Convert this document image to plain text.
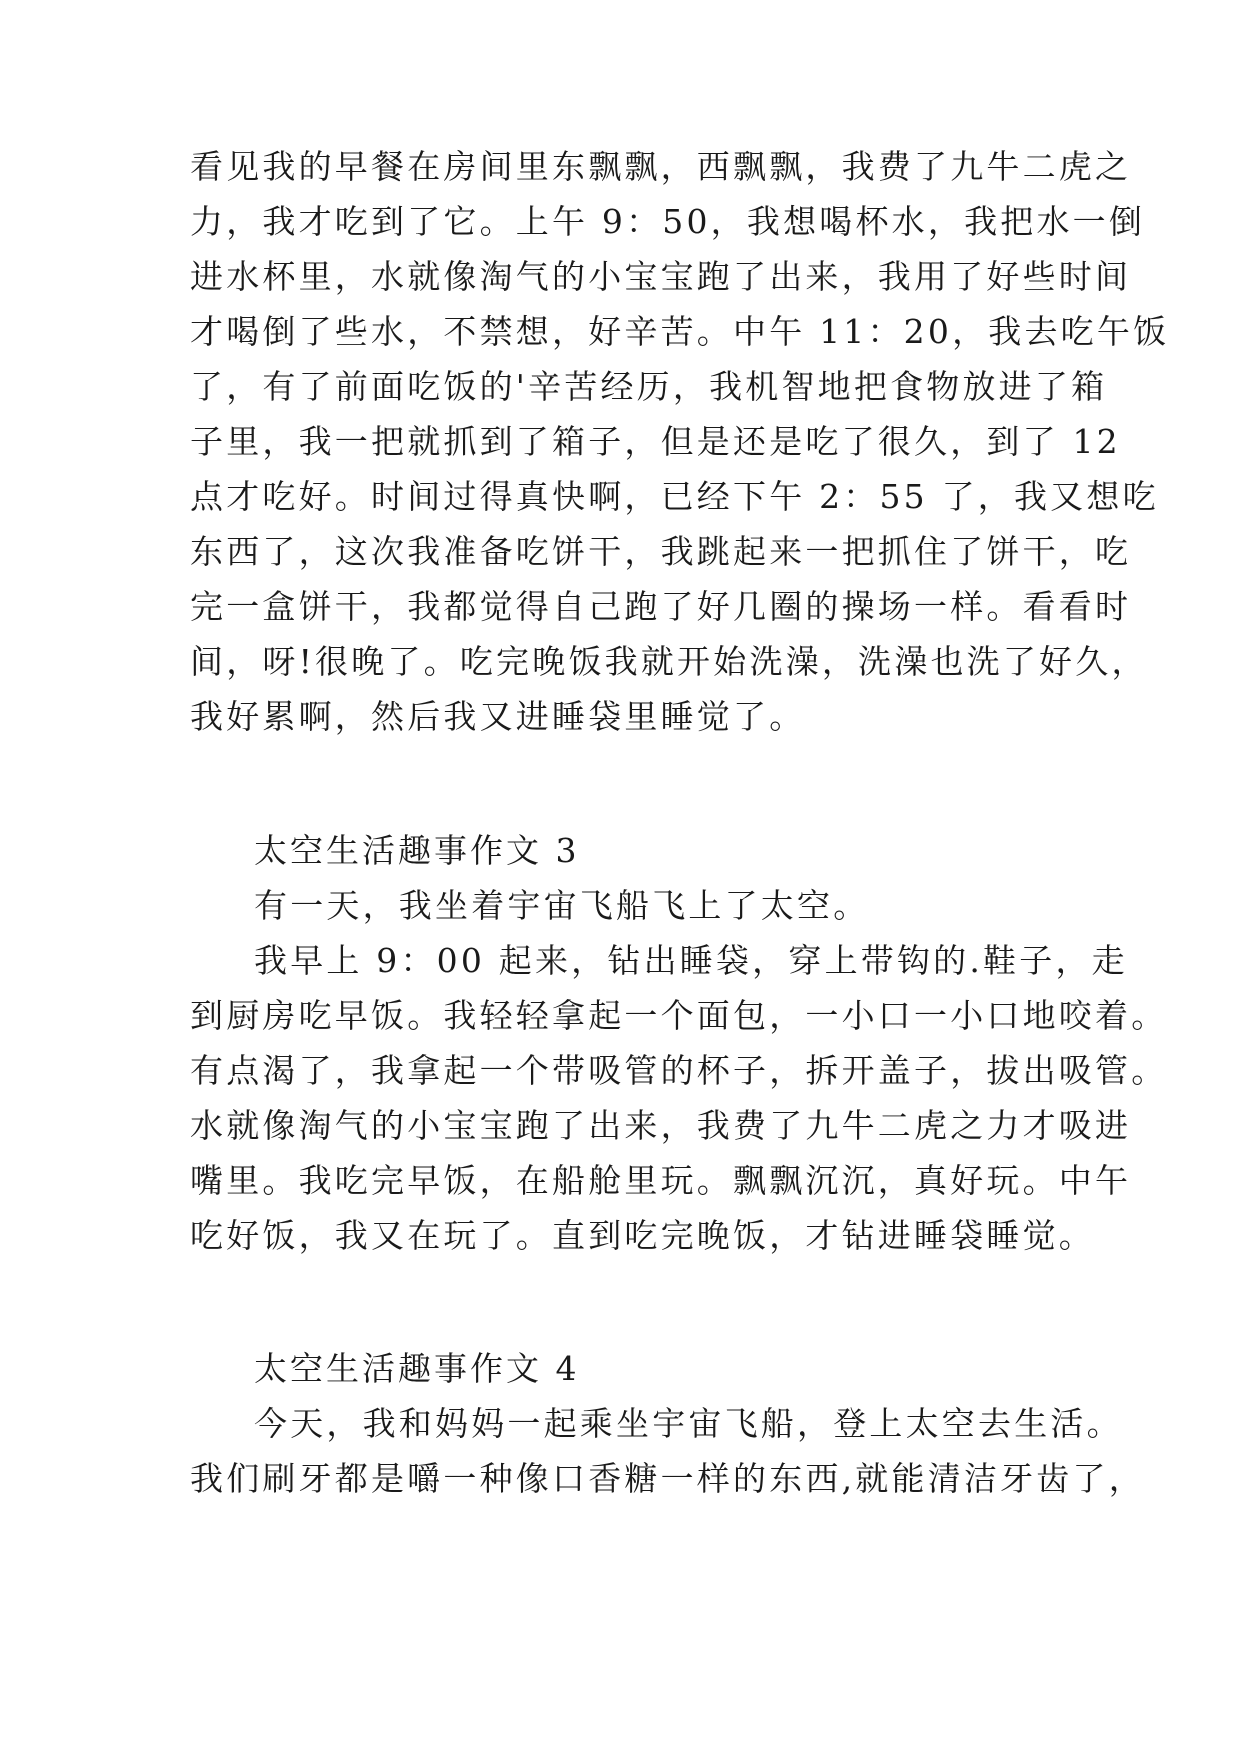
看见我的早餐在房间里东飘飘，西飘飘，我费了九牛二虎之
力，我才吃到了它。上午 9：50，我想喝杯水，我把水一倒
进水杯里，水就像淘气的小宝宝跑了出来，我用了好些时间
才喝倒了些水，不禁想，好辛苦。中午 11：20，我去吃午饭
了，有了前面吃饭的'辛苦经历，我机智地把食物放进了箱
子里，我一把就抓到了箱子，但是还是吃了很久，到了 12
点才吃好。时间过得真快啊，已经下午 2：55 了，我又想吃
东西了，这次我准备吃饼干，我跳起来一把抓住了饼干，吃
完一盒饼干，我都觉得自己跑了好几圈的操场一样。看看时
间，呀!很晚了。吃完晚饭我就开始洗澡，洗澡也洗了好久，
我好累啊，然后我又进睡袋里睡觉了。
太空生活趣事作文 3
有一天，我坐着宇宙飞船飞上了太空。
我早上 9：00 起来，钻出睡袋，穿上带钩的.鞋子，走
到厨房吃早饭。我轻轻拿起一个面包，一小口一小口地咬着。
有点渴了，我拿起一个带吸管的杯子，拆开盖子，拔出吸管。
水就像淘气的小宝宝跑了出来，我费了九牛二虎之力才吸进
嘴里。我吃完早饭，在船舱里玩。飘飘沉沉，真好玩。中午
吃好饭，我又在玩了。直到吃完晚饭，才钻进睡袋睡觉。
太空生活趣事作文 4
今天，我和妈妈一起乘坐宇宙飞船，登上太空去生活。
我们刷牙都是嚼一种像口香糖一样的东西,就能清洁牙齿了，
